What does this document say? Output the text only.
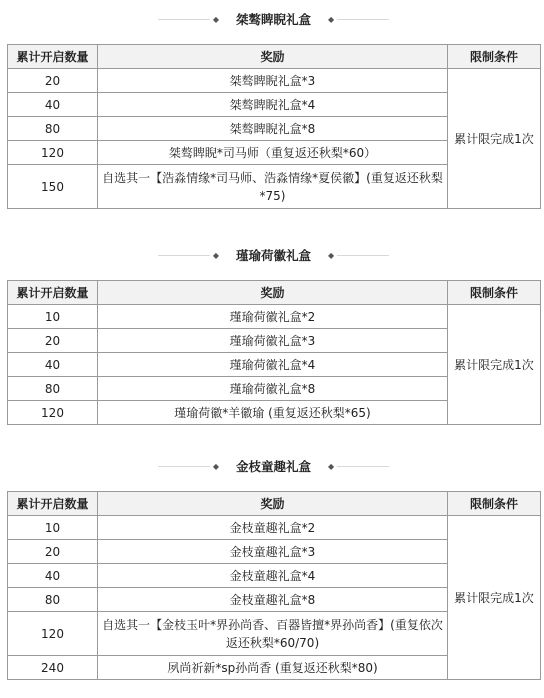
◆ 桀骜睥睨礼盒 ◆
累计开启数量	奖励	限制条件
20	桀骜睥睨礼盒*3	累计限完成1次
40	桀骜睥睨礼盒*4	
80	桀骜睥睨礼盒*8	
120	桀骜睥睨*司马师（重复返还秋梨*60）	
150	自选其一【浩淼情缘*司马师、浩淼情缘*夏侯徽】(重复返还秋梨*75)	
◆ 瑾瑜荷徽礼盒 ◆
累计开启数量	奖励	限制条件
10	瑾瑜荷徽礼盒*2	累计限完成1次
20	瑾瑜荷徽礼盒*3	
40	瑾瑜荷徽礼盒*4	
80	瑾瑜荷徽礼盒*8	
120	瑾瑜荷徽*羊徽瑜 (重复返还秋梨*65)	
◆ 金枝童趣礼盒 ◆
累计开启数量	奖励	限制条件
10	金枝童趣礼盒*2	累计限完成1次
20	金枝童趣礼盒*3	
40	金枝童趣礼盒*4	
80	金枝童趣礼盒*8	
120	自选其一【金枝玉叶*界孙尚香、百器皆擅*界孙尚香】(重复依次返还秋梨*60/70)	
240	夙尚祈新*sp孙尚香 (重复返还秋梨*80)	
